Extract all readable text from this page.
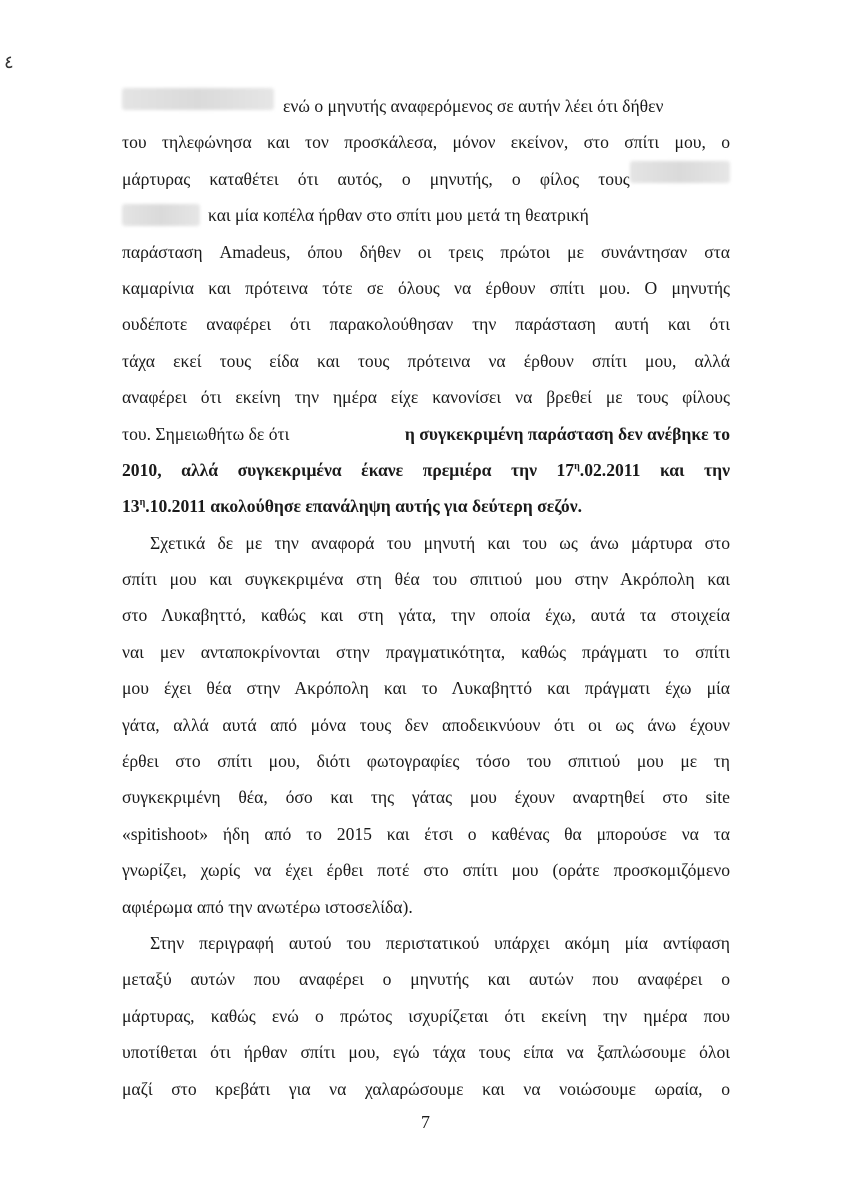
٤
ενώ ο μηνυτής αναφερόμενος σε αυτήν λέει ότι δήθεν
του τηλεφώνησα και τον προσκάλεσα, μόνον εκείνον, στο σπίτι μου, ο
μάρτυρας καταθέτει ότι αυτός, ο μηνυτής, ο φίλος τους
και μία κοπέλα ήρθαν στο σπίτι μου μετά τη θεατρική
παράσταση Amadeus, όπου δήθεν οι τρεις πρώτοι με συνάντησαν στα
καμαρίνια και πρότεινα τότε σε όλους να έρθουν σπίτι μου. Ο μηνυτής
ουδέποτε αναφέρει ότι παρακολούθησαν την παράσταση αυτή και ότι
τάχα εκεί τους είδα και τους πρότεινα να έρθουν σπίτι μου, αλλά
αναφέρει ότι εκείνη την ημέρα είχε κανονίσει να βρεθεί με τους φίλους
του. Σημειωθήτω δε ότι	η συγκεκριμένη παράσταση δεν ανέβηκε το
2010, αλλά συγκεκριμένα έκανε πρεμιέρα την $17^\eta.02.2011$ και την
$13^\eta.10.2011$ ακολούθησε επανάληψη αυτής για δεύτερη σεζόν.
Σχετικά δε με την αναφορά του μηνυτή και του ως άνω μάρτυρα στο
σπίτι μου και συγκεκριμένα στη θέα του σπιτιού μου στην Ακρόπολη και
στο Λυκαβηττό, καθώς και στη γάτα, την οποία έχω, αυτά τα στοιχεία
ναι μεν ανταποκρίνονται στην πραγματικότητα, καθώς πράγματι το σπίτι
μου έχει θέα στην Ακρόπολη και το Λυκαβηττό και πράγματι έχω μία
γάτα, αλλά αυτά από μόνα τους δεν αποδεικνύουν ότι οι ως άνω έχουν
έρθει στο σπίτι μου, διότι φωτογραφίες τόσο του σπιτιού μου με τη
συγκεκριμένη θέα, όσο και της γάτας μου έχουν αναρτηθεί στο site
«spitishoot» ήδη από το 2015 και έτσι ο καθένας θα μπορούσε να τα
γνωρίζει, χωρίς να έχει έρθει ποτέ στο σπίτι μου (οράτε προσκομιζόμενο
αφιέρωμα από την ανωτέρω ιστοσελίδα).
Στην περιγραφή αυτού του περιστατικού υπάρχει ακόμη μία αντίφαση
μεταξύ αυτών που αναφέρει ο μηνυτής και αυτών που αναφέρει ο
μάρτυρας, καθώς ενώ ο πρώτος ισχυρίζεται ότι εκείνη την ημέρα που
υποτίθεται ότι ήρθαν σπίτι μου, εγώ τάχα τους είπα να ξαπλώσουμε όλοι
μαζί στο κρεβάτι για να χαλαρώσουμε και να νοιώσουμε ωραία, ο
7
